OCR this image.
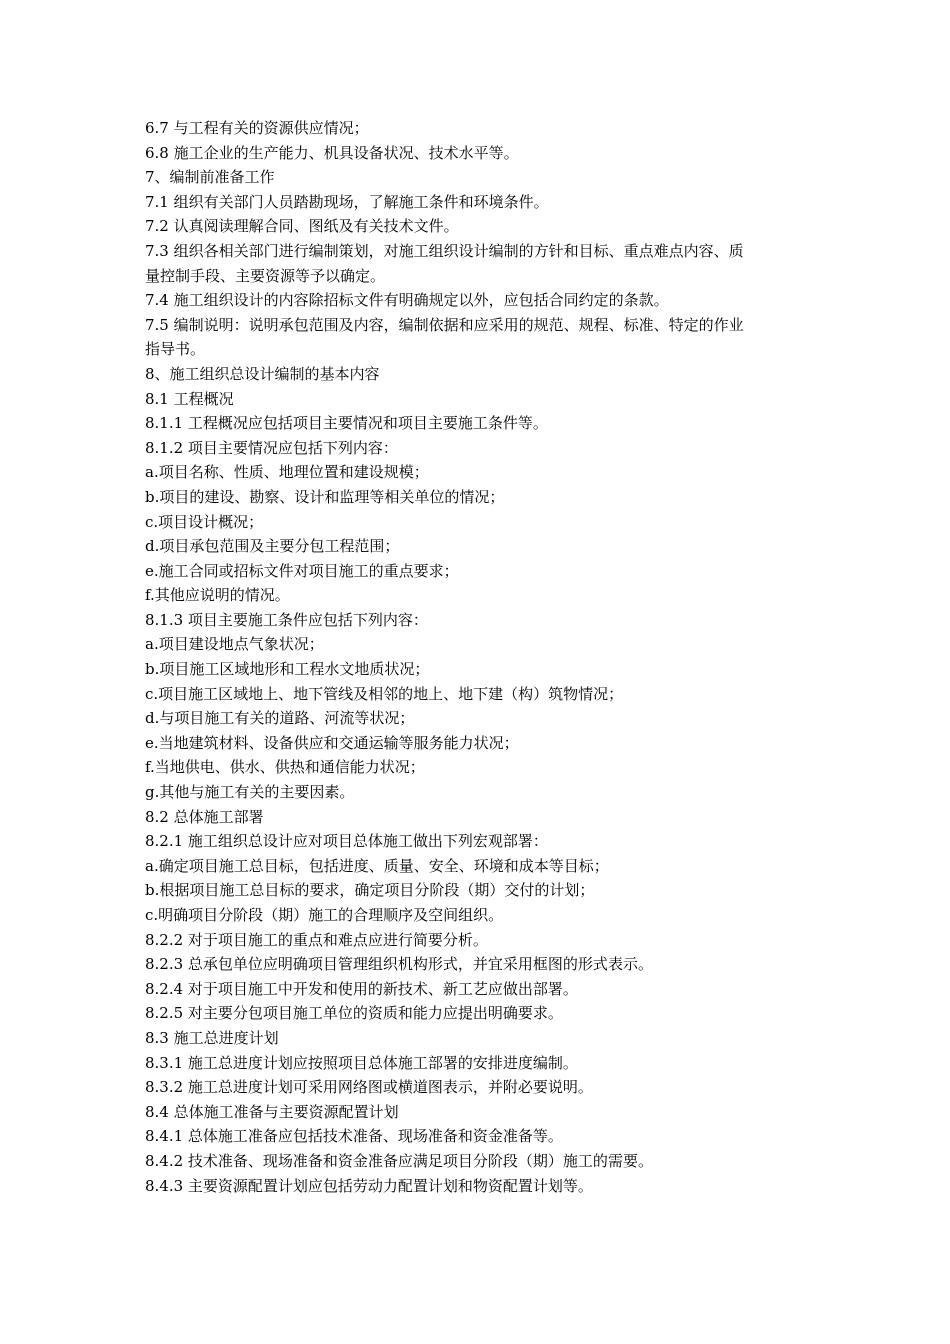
6.7 与工程有关的资源供应情况；
6.8 施工企业的生产能力、机具设备状况、技术水平等。
7、编制前准备工作
7.1 组织有关部门人员踏勘现场，了解施工条件和环境条件。
7.2 认真阅读理解合同、图纸及有关技术文件。
7.3 组织各相关部门进行编制策划，对施工组织设计编制的方针和目标、重点难点内容、质
量控制手段、主要资源等予以确定。
7.4 施工组织设计的内容除招标文件有明确规定以外，应包括合同约定的条款。
7.5 编制说明：说明承包范围及内容，编制依据和应采用的规范、规程、标准、特定的作业
指导书。
8、施工组织总设计编制的基本内容
8.1 工程概况
8.1.1 工程概况应包括项目主要情况和项目主要施工条件等。
8.1.2 项目主要情况应包括下列内容：
a.项目名称、性质、地理位置和建设规模；
b.项目的建设、勘察、设计和监理等相关单位的情况；
c.项目设计概况；
d.项目承包范围及主要分包工程范围；
e.施工合同或招标文件对项目施工的重点要求；
f.其他应说明的情况。
8.1.3 项目主要施工条件应包括下列内容：
a.项目建设地点气象状况；
b.项目施工区域地形和工程水文地质状况；
c.项目施工区域地上、地下管线及相邻的地上、地下建（构）筑物情况；
d.与项目施工有关的道路、河流等状况；
e.当地建筑材料、设备供应和交通运输等服务能力状况；
f.当地供电、供水、供热和通信能力状况；
g.其他与施工有关的主要因素。
8.2 总体施工部署
8.2.1 施工组织总设计应对项目总体施工做出下列宏观部署：
a.确定项目施工总目标，包括进度、质量、安全、环境和成本等目标；
b.根据项目施工总目标的要求，确定项目分阶段（期）交付的计划；
c.明确项目分阶段（期）施工的合理顺序及空间组织。
8.2.2 对于项目施工的重点和难点应进行简要分析。
8.2.3 总承包单位应明确项目管理组织机构形式，并宜采用框图的形式表示。
8.2.4 对于项目施工中开发和使用的新技术、新工艺应做出部署。
8.2.5 对主要分包项目施工单位的资质和能力应提出明确要求。
8.3 施工总进度计划
8.3.1 施工总进度计划应按照项目总体施工部署的安排进度编制。
8.3.2 施工总进度计划可采用网络图或横道图表示，并附必要说明。
8.4 总体施工准备与主要资源配置计划
8.4.1 总体施工准备应包括技术准备、现场准备和资金准备等。
8.4.2 技术准备、现场准备和资金准备应满足项目分阶段（期）施工的需要。
8.4.3 主要资源配置计划应包括劳动力配置计划和物资配置计划等。
